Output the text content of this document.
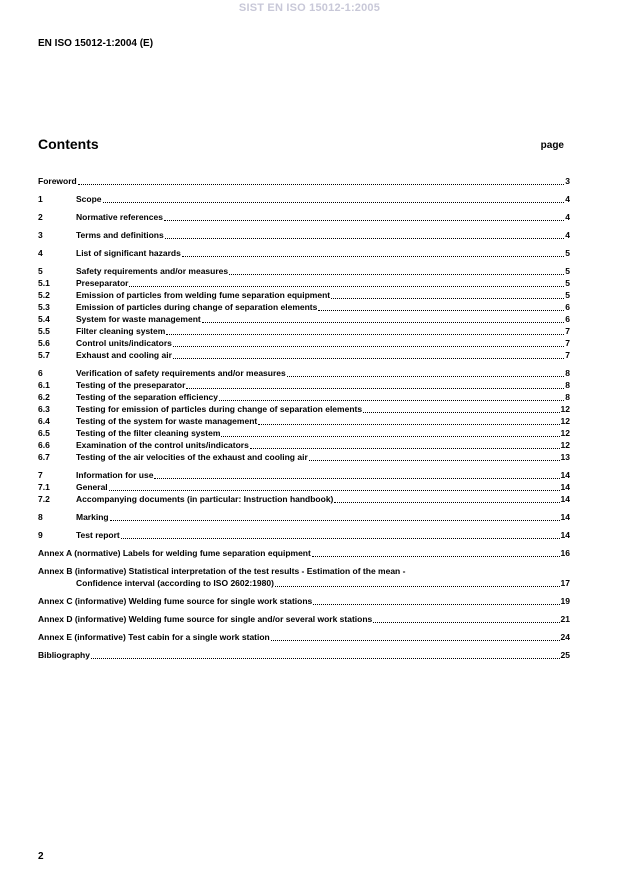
SIST EN ISO 15012-1:2005
EN ISO 15012-1:2004 (E)
Contents	page
Foreword	3
1	Scope	4
2	Normative references	4
3	Terms and definitions	4
4	List of significant hazards	5
5	Safety requirements and/or measures	5
5.1	Preseparator	5
5.2	Emission of particles from welding fume separation equipment	5
5.3	Emission of particles during change of separation elements	6
5.4	System for waste management	6
5.5	Filter cleaning system	7
5.6	Control units/indicators	7
5.7	Exhaust and cooling air	7
6	Verification of safety requirements and/or measures	8
6.1	Testing of the preseparator	8
6.2	Testing of the separation efficiency	8
6.3	Testing for emission of particles during change of separation elements	12
6.4	Testing of the system for waste management	12
6.5	Testing of the filter cleaning system	12
6.6	Examination of the control units/indicators	12
6.7	Testing of the air velocities of the exhaust and cooling air	13
7	Information for use	14
7.1	General	14
7.2	Accompanying documents (in particular: Instruction handbook)	14
8	Marking	14
9	Test report	14
Annex A (normative) Labels for welding fume separation equipment	16
Annex B (informative) Statistical interpretation of the test results - Estimation of the mean -
Confidence interval (according to ISO 2602:1980)	17
Annex C (informative) Welding fume source for single work stations	19
Annex D (informative) Welding fume source for single and/or several work stations	21
Annex E (informative) Test cabin for a single work station	24
Bibliography	25
2
